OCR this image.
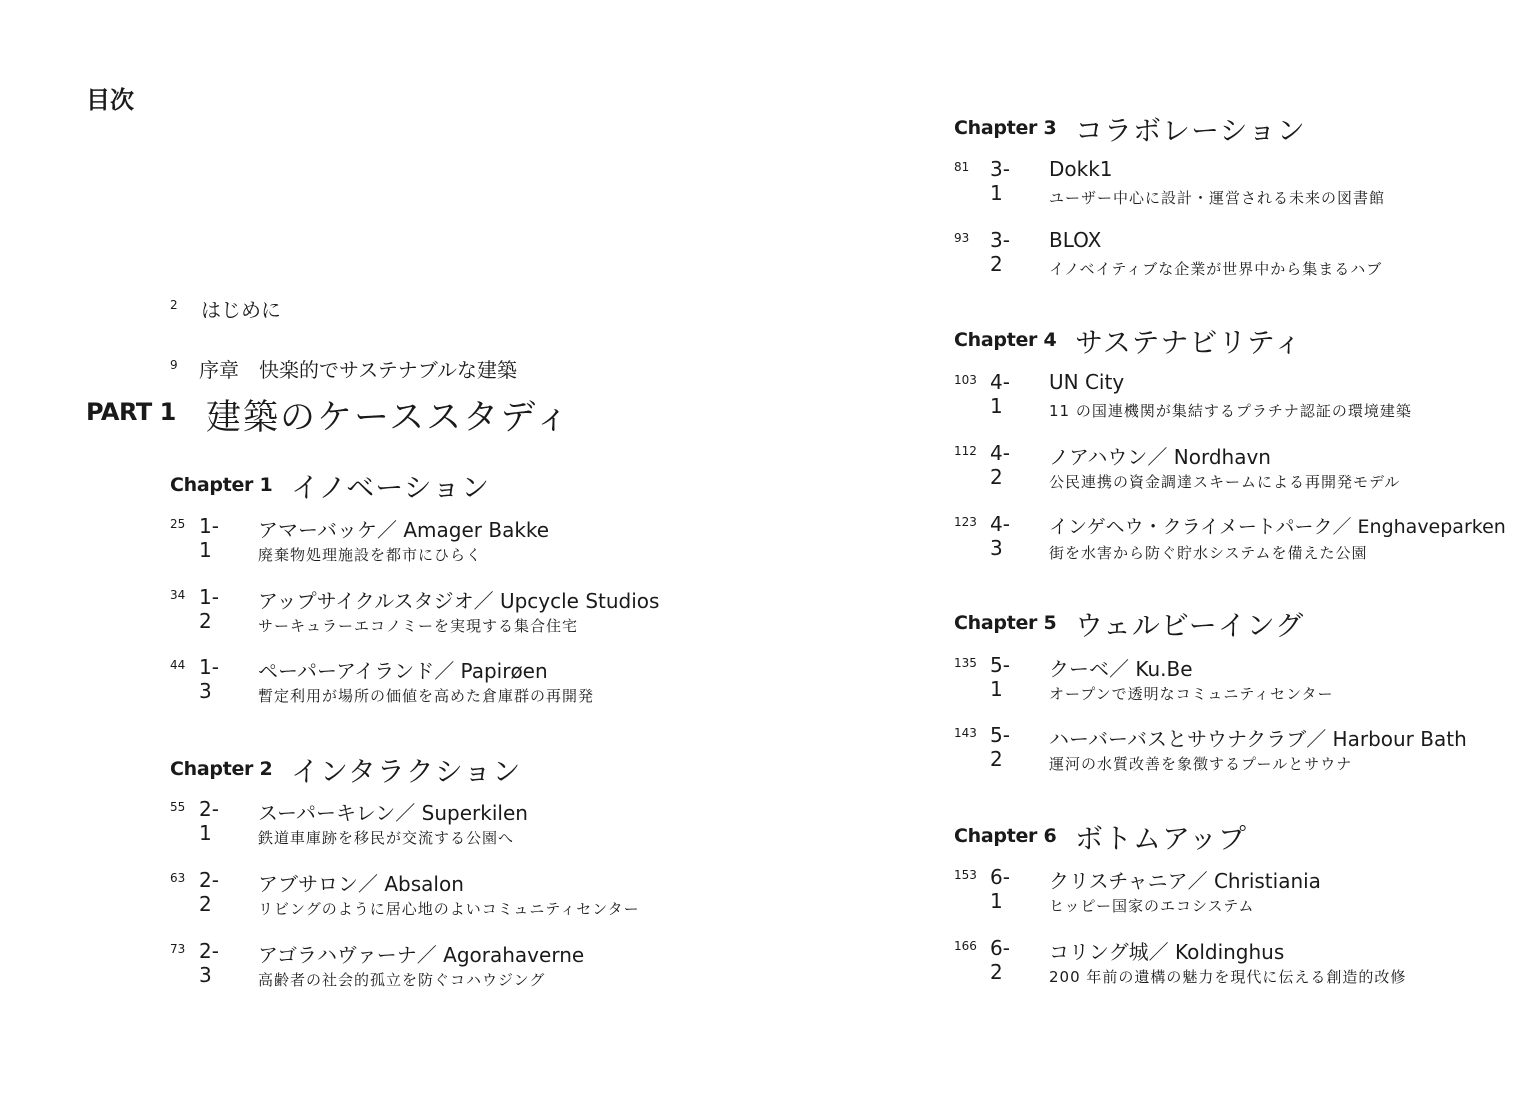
目次
2 はじめに
9 序章　快楽的でサステナブルな建築
PART 1 建築のケーススタディ
Chapter 1 イノベーション
25 1-1
アマーバッケ／ Amager Bakke
廃棄物処理施設を都市にひらく
34 1-2
アップサイクルスタジオ／ Upcycle Studios
サーキュラーエコノミーを実現する集合住宅
44 1-3
ペーパーアイランド／ Papirøen
暫定利用が場所の価値を高めた倉庫群の再開発
Chapter 2 インタラクション
55 2-1
スーパーキレン／ Superkilen
鉄道車庫跡を移民が交流する公園へ
63 2-2
アブサロン／ Absalon
リビングのように居心地のよいコミュニティセンター
73 2-3
アゴラハヴァーナ／ Agorahaverne
高齢者の社会的孤立を防ぐコハウジング
Chapter 3 コラボレーション
81 3-1
Dokk1
ユーザー中心に設計・運営される未来の図書館
93 3-2
BLOX
イノベイティブな企業が世界中から集まるハブ
Chapter 4 サステナビリティ
103 4-1
UN City
11 の国連機関が集結するプラチナ認証の環境建築
112 4-2
ノアハウン／ Nordhavn
公民連携の資金調達スキームによる再開発モデル
123 4-3
インゲヘウ・クライメートパーク／ Enghaveparken
街を水害から防ぐ貯水システムを備えた公園
Chapter 5 ウェルビーイング
135 5-1
クーベ／ Ku.Be
オープンで透明なコミュニティセンター
143 5-2
ハーバーバスとサウナクラブ／ Harbour Bath
運河の水質改善を象徴するプールとサウナ
Chapter 6 ボトムアップ
153 6-1
クリスチャニア／ Christiania
ヒッピー国家のエコシステム
166 6-2
コリング城／ Koldinghus
200 年前の遺構の魅力を現代に伝える創造的改修
